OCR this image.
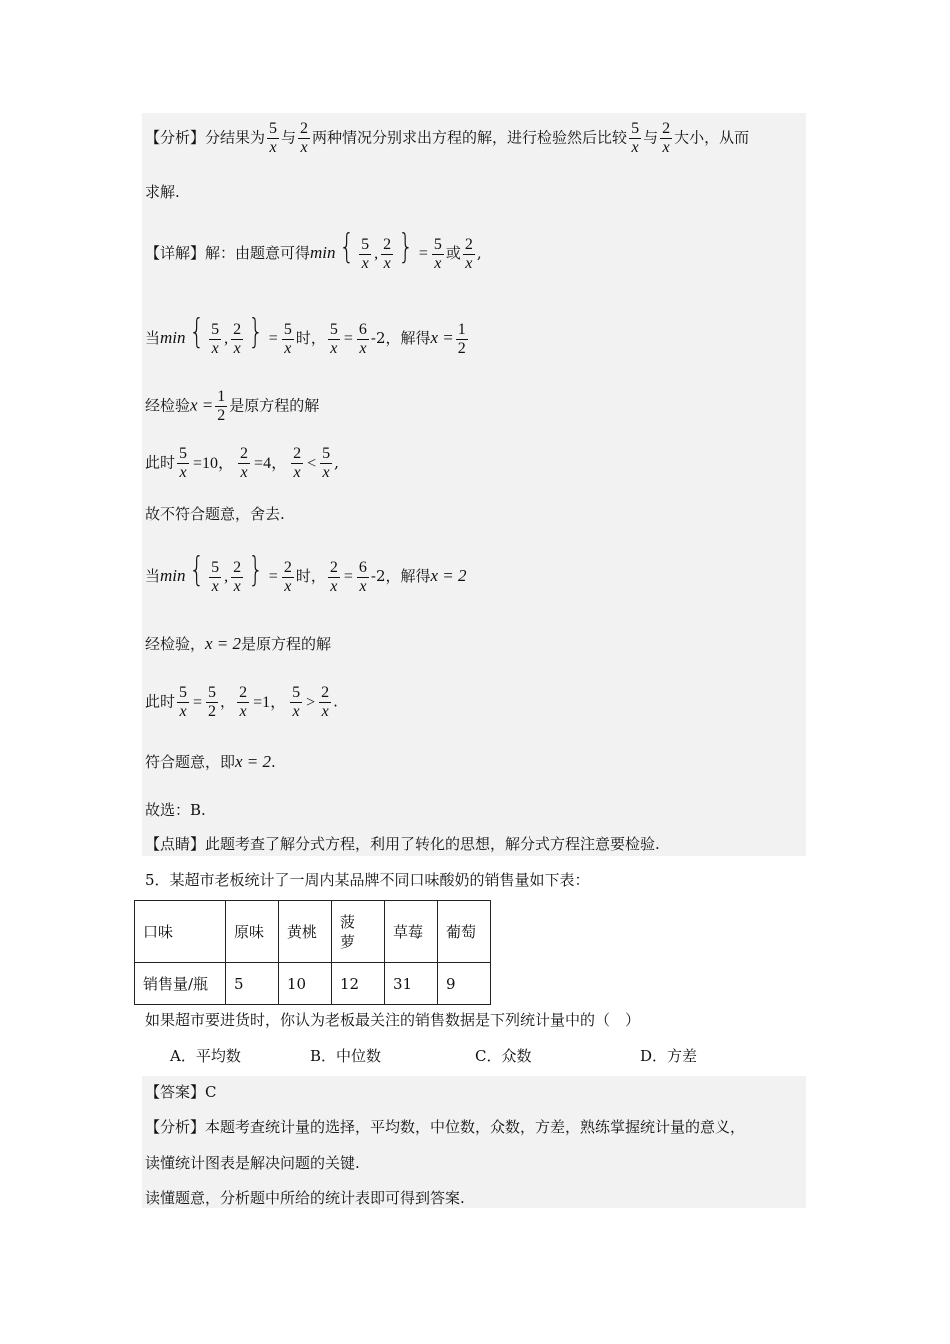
【分析】分结果为 $\frac{5}{x}$ 与 $\frac{2}{x}$ 两种情况分别求出方程的解，进行检验然后比较 $\frac{5}{x}$ 与 $\frac{2}{x}$ 大小，从而
求解.
【详解】解：由题意可得$\min\{ \frac{5}{x}$ , $\frac{2}{x}$ } = $\frac{5}{x}$ 或 $\frac{2}{x}$ ,
当$\min\{ \frac{5}{x}$ , $\frac{2}{x}$ } = $\frac{5}{x}$ 时， $\frac{5}{x} = \frac{6}{x} -2$，解得$x = \frac{1}{2}$
经检验$x = \frac{1}{2}$ 是原方程的解
此时 $\frac{5}{x} =10$， $\frac{2}{x} =4$， $\frac{2}{x} < \frac{5}{x}$ ,
故不符合题意，舍去.
当$\min\{ \frac{5}{x}$ , $\frac{2}{x}$ } = $\frac{2}{x}$ 时， $\frac{2}{x} = \frac{6}{x} -2$，解得x = 2
经检验，x = 2是原方程的解
此时 $\frac{5}{x} = \frac{5}{2}$ ， $\frac{2}{x} =1$， $\frac{5}{x} > \frac{2}{x}$ .
符合题意，即x = 2.
故选：B.
【点睛】此题考查了解分式方程，利用了转化的思想，解分式方程注意要检验.
5．某超市老板统计了一周内某品牌不同口味酸奶的销售量如下表：
口味	原味	黄桃	菠萝	草莓	葡萄
销售量/瓶	5	10	12	31	9
如果超市要进货时，你认为老板最关注的销售数据是下列统计量中的（　）
A．平均数	B．中位数	C．众数	D．方差
【答案】C
【分析】本题考查统计量的选择，平均数，中位数，众数，方差，熟练掌握统计量的意义，
读懂统计图表是解决问题的关键.
读懂题意，分析题中所给的统计表即可得到答案.
